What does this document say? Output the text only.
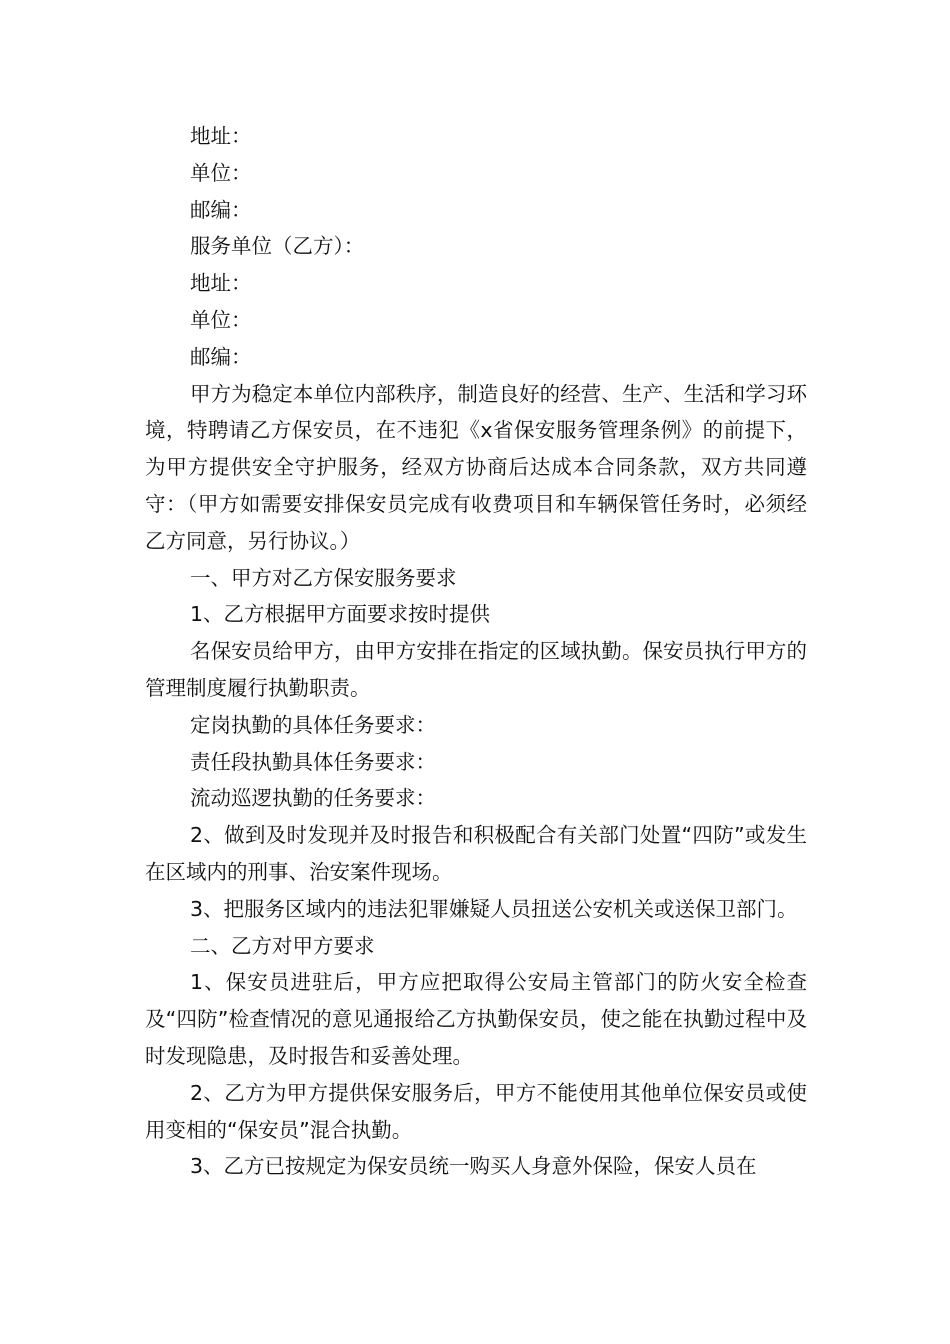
地址：

单位：

邮编：

服务单位（乙方）：

地址：

单位：

邮编：

甲方为稳定本单位内部秩序，制造良好的经营、生产、生活和学习环境，特聘请乙方保安员，在不违犯《x省保安服务管理条例》的前提下，为甲方提供安全守护服务，经双方协商后达成本合同条款，双方共同遵守：（甲方如需要安排保安员完成有收费项目和车辆保管任务时，必须经乙方同意，另行协议。）

一、甲方对乙方保安服务要求

1、乙方根据甲方面要求按时提供

名保安员给甲方，由甲方安排在指定的区域执勤。保安员执行甲方的管理制度履行执勤职责。

定岗执勤的具体任务要求：

责任段执勤具体任务要求：

流动巡逻执勤的任务要求：

2、做到及时发现并及时报告和积极配合有关部门处置“四防”或发生在区域内的刑事、治安案件现场。

3、把服务区域内的违法犯罪嫌疑人员扭送公安机关或送保卫部门。

二、乙方对甲方要求

1、保安员进驻后，甲方应把取得公安局主管部门的防火安全检查及“四防”检查情况的意见通报给乙方执勤保安员，使之能在执勤过程中及时发现隐患，及时报告和妥善处理。

2、乙方为甲方提供保安服务后，甲方不能使用其他单位保安员或使用变相的“保安员”混合执勤。

3、乙方已按规定为保安员统一购买人身意外保险，保安人员在
